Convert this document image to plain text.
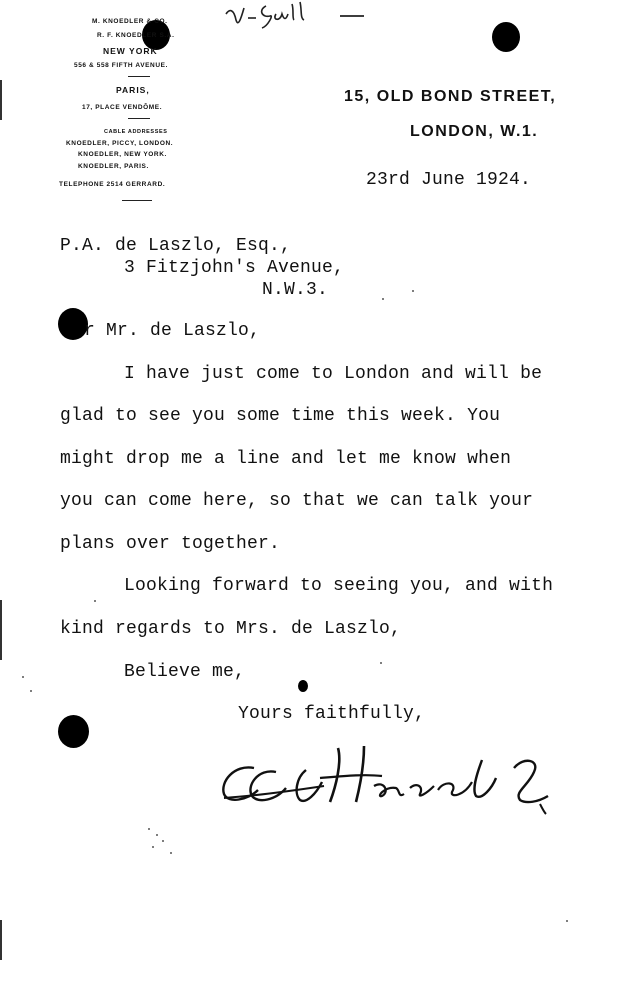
M. KNOEDLER & CO.
R. F. KNOEDLER S.A.
NEW YORK
556 & 558 FIFTH AVENUE.
PARIS,
17, PLACE VENDÔME.
CABLE ADDRESSES
KNOEDLER, PICCY, LONDON.
KNOEDLER, NEW YORK.
KNOEDLER, PARIS.
TELEPHONE 2514 GERRARD.
15, OLD BOND STREET,
LONDON, W.1.
23rd June 1924.
P.A. de Laszlo, Esq.,
3 Fitzjohn's Avenue,
N.W.3.
r Mr. de Laszlo,
I have just come to London and will be
glad to see you some time this week. You
might drop me a line and let me know when
you can come here, so that we can talk your
plans over together.
Looking forward to seeing you, and with
kind regards to Mrs. de Laszlo,
Believe me,
Yours faithfully,
